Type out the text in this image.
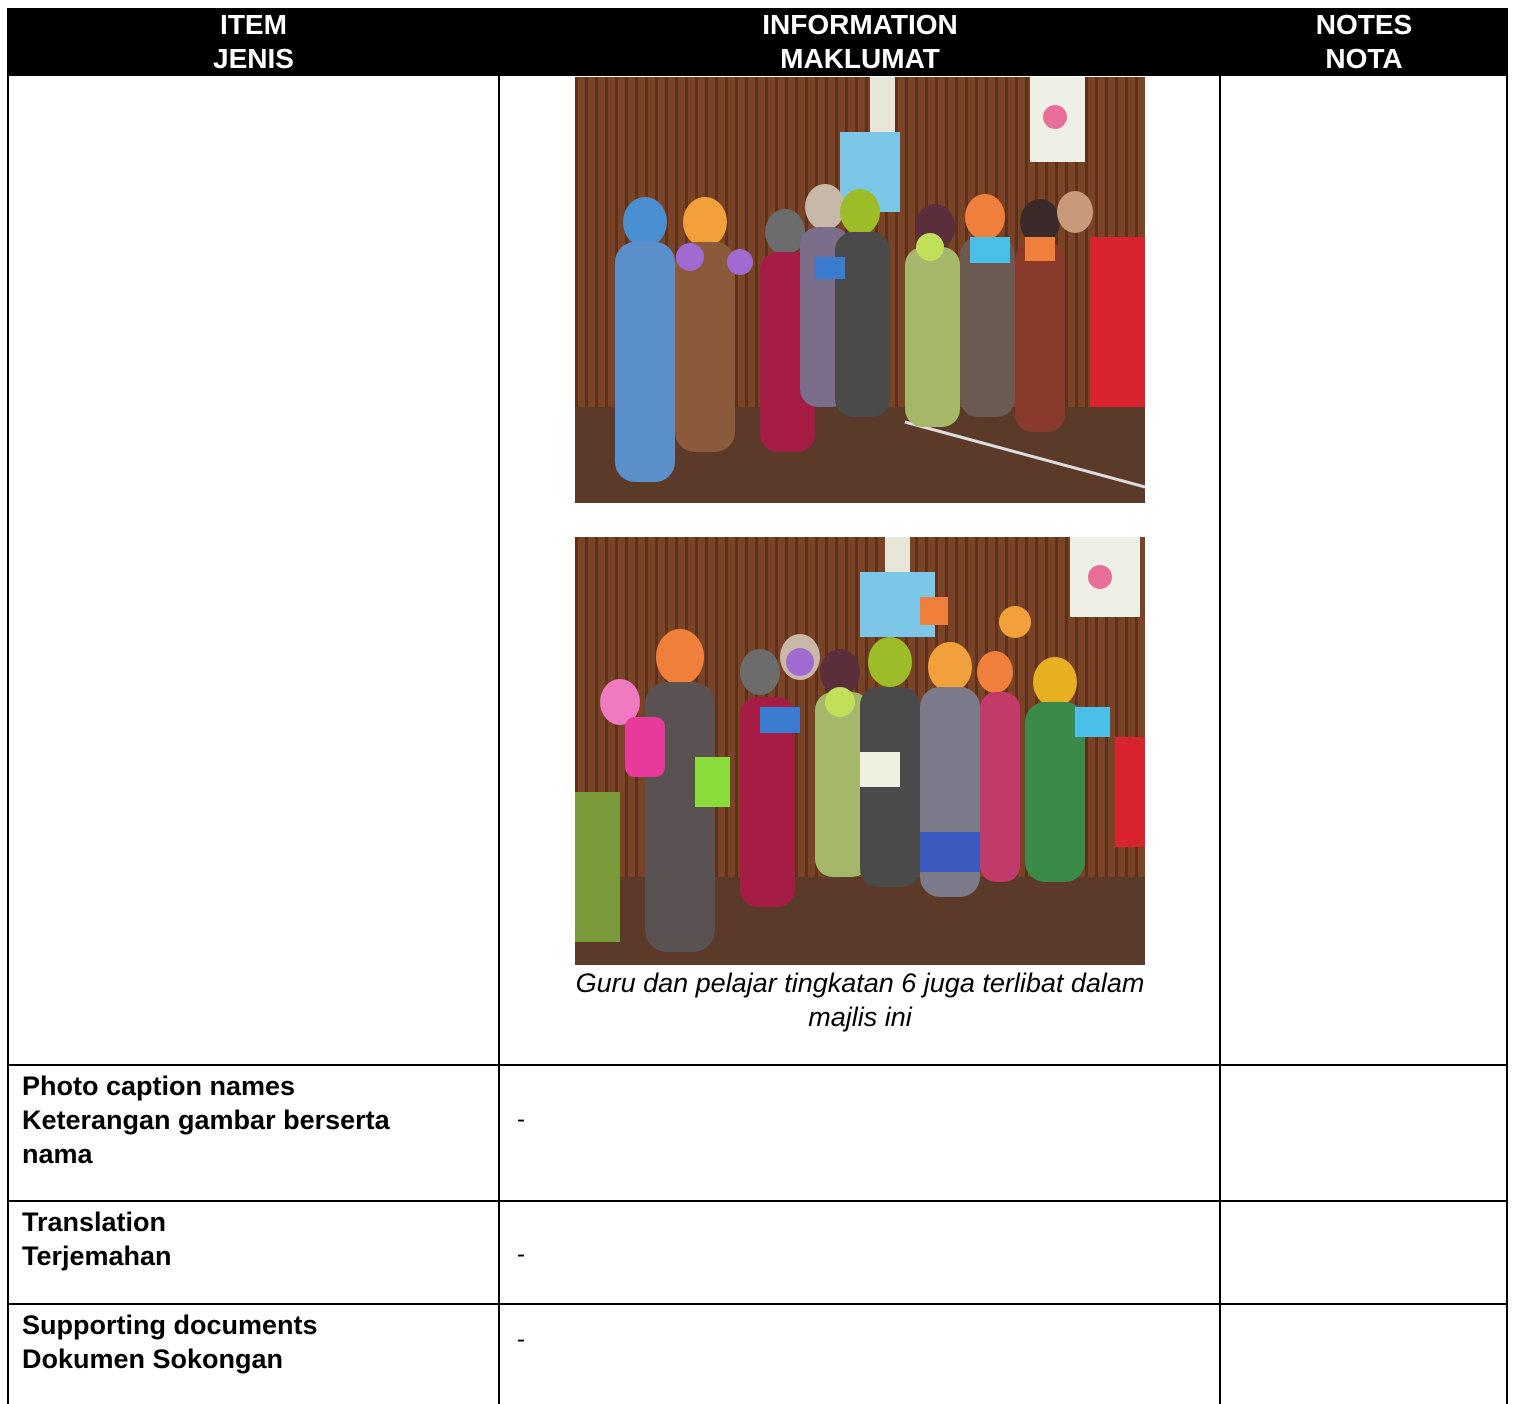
ITEM
JENIS
INFORMATION
MAKLUMAT
NOTES
NOTA
Guru dan pelajar tingkatan 6 juga terlibat dalam
majlis ini
Photo caption names
Keterangan gambar berserta
nama
-
Translation
Terjemahan	-
Supporting documents
Dokumen Sokongan
-
